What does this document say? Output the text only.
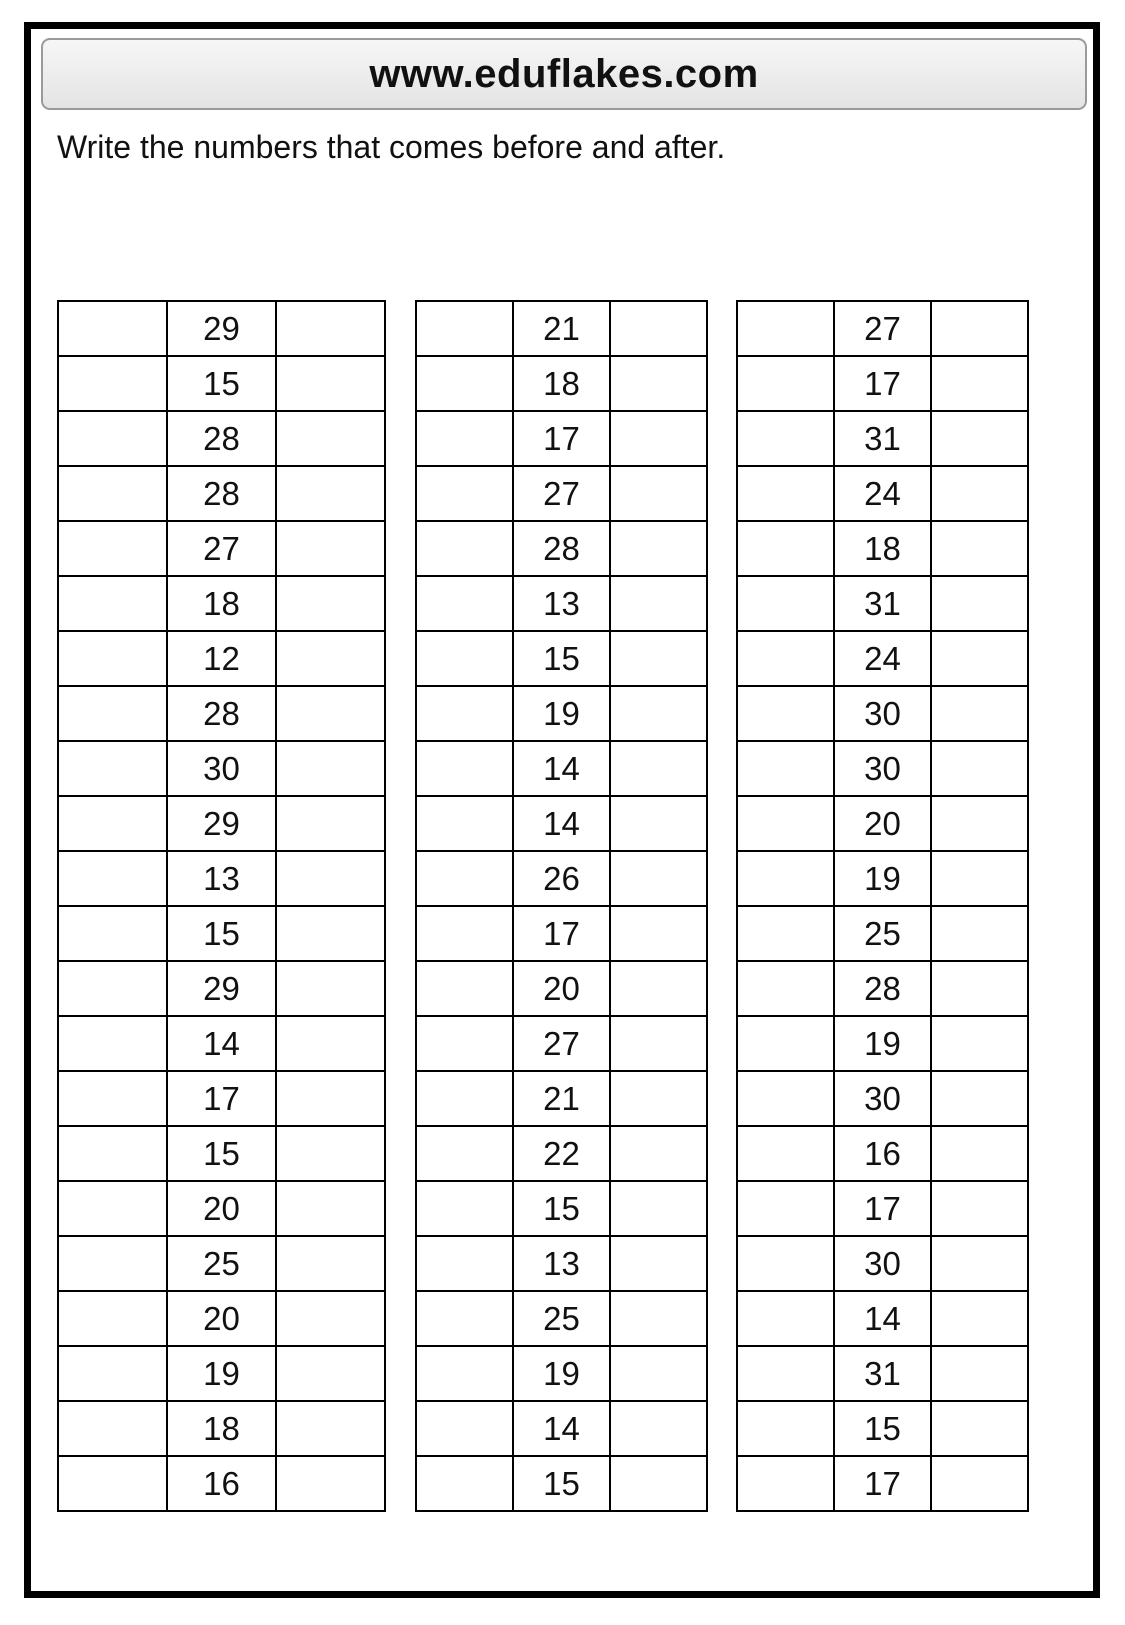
www.eduflakes.com
Write the numbers that comes before and after.
	29	
	15	
	28	
	28	
	27	
	18	
	12	
	28	
	30	
	29	
	13	
	15	
	29	
	14	
	17	
	15	
	20	
	25	
	20	
	19	
	18	
	16	
	21	
	18	
	17	
	27	
	28	
	13	
	15	
	19	
	14	
	14	
	26	
	17	
	20	
	27	
	21	
	22	
	15	
	13	
	25	
	19	
	14	
	15	
	27	
	17	
	31	
	24	
	18	
	31	
	24	
	30	
	30	
	20	
	19	
	25	
	28	
	19	
	30	
	16	
	17	
	30	
	14	
	31	
	15	
	17	
